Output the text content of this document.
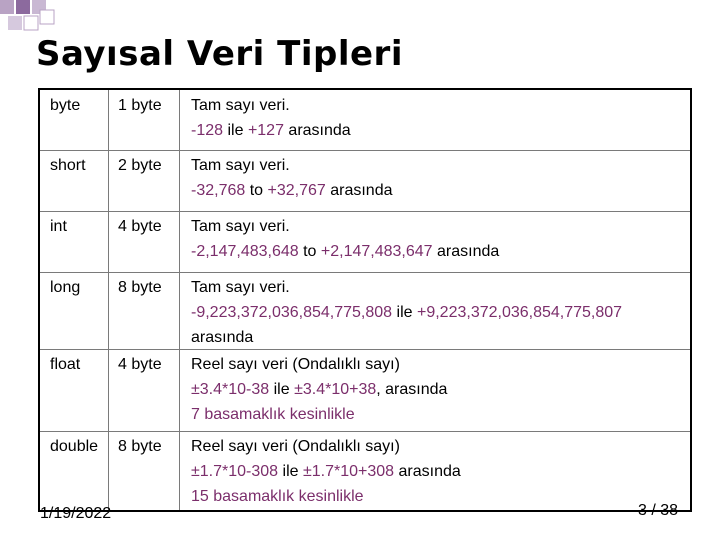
Sayısal Veri Tipleri
byte 1 byte Tam sayı veri.
-128 ile +127 arasında
short 2 byte Tam sayı veri.
-32,768 to +32,767 arasında
int	4 byte Tam sayı veri.
-2,147,483,648 to +2,147,483,647 arasında
long 8 byte Tam sayı veri.
-9,223,372,036,854,775,808 ile +9,223,372,036,854,775,807
arasında
float 4 byte Reel sayı veri (Ondalıklı sayı)
±3.4*10-38 ile ±3.4*10+38, arasında
7 basamaklık kesinlikle
double 8 byte Reel sayı veri (Ondalıklı sayı)
±1.7*10-308 ile ±1.7*10+308 arasında
15 basamaklık kesinlikle
1/19/2022	3 / 38
